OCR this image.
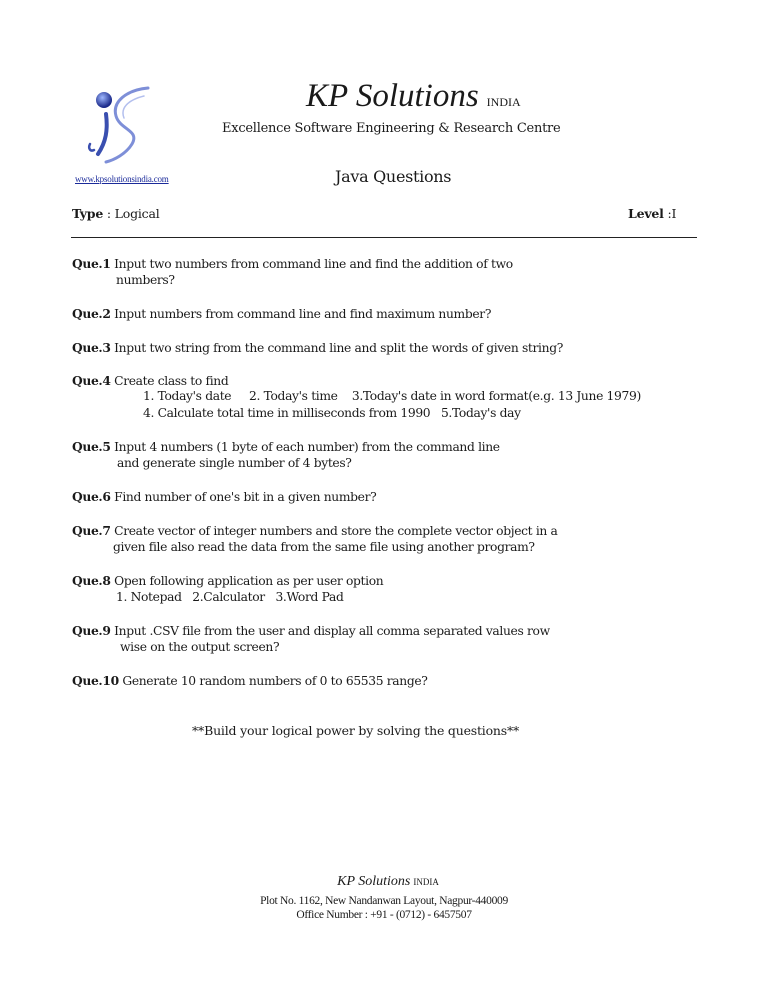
www.kpsolutionsindia.com
KP Solutions INDIA
Excellence Software Engineering & Research Centre
Java Questions
Type : Logical	Level :I
Que.1 Input two numbers from command line and find the addition of two
numbers?
Que.2 Input numbers from command line and find maximum number?
Que.3 Input two string from the command line and split the words of given string?
Que.4 Create class to find
1. Today's date     2. Today's time    3.Today's date in word format(e.g. 13 June 1979)
4. Calculate total time in milliseconds from 1990   5.Today's day
Que.5 Input 4 numbers (1 byte of each number) from the command line
and generate single number of 4 bytes?
Que.6 Find number of one's bit in a given number?
Que.7 Create vector of integer numbers and store the complete vector object in a
given file also read the data from the same file using another program?
Que.8 Open following application as per user option
1. Notepad   2.Calculator   3.Word Pad
Que.9 Input .CSV file from the user and display all comma separated values row
wise on the output screen?
Que.10 Generate 10 random numbers of 0 to 65535 range?
**Build your logical power by solving the questions**
KP Solutions INDIA
Plot No. 1162, New Nandanwan Layout, Nagpur-440009
Office Number : +91 - (0712) - 6457507
